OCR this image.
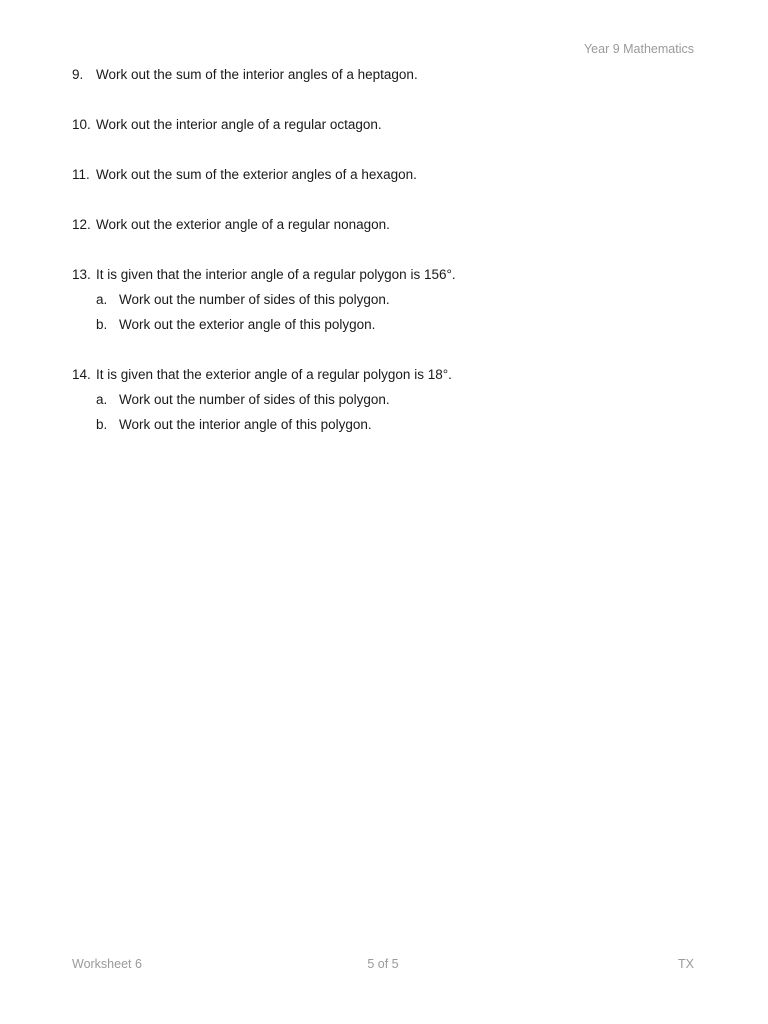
Year 9 Mathematics
9. Work out the sum of the interior angles of a heptagon.
10. Work out the interior angle of a regular octagon.
11. Work out the sum of the exterior angles of a hexagon.
12. Work out the exterior angle of a regular nonagon.
13. It is given that the interior angle of a regular polygon is 156°.
a. Work out the number of sides of this polygon.
b. Work out the exterior angle of this polygon.
14. It is given that the exterior angle of a regular polygon is 18°.
a. Work out the number of sides of this polygon.
b. Work out the interior angle of this polygon.
Worksheet 6	5 of 5	TX
